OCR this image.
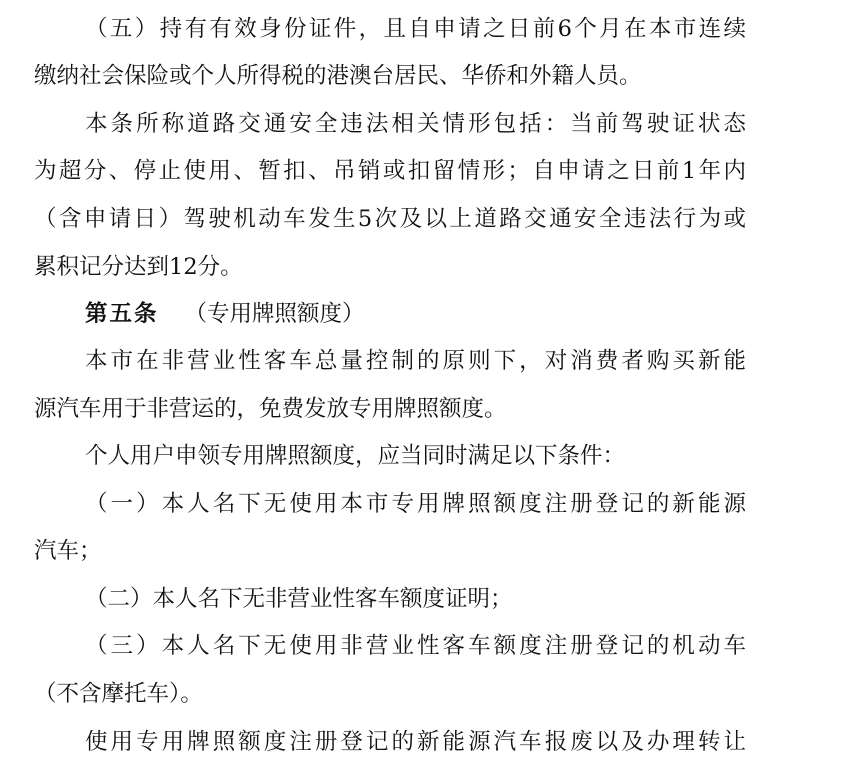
（五）持有有效身份证件，且自申请之日前6个月在本市连续
缴纳社会保险或个人所得税的港澳台居民、华侨和外籍人员。
本条所称道路交通安全违法相关情形包括：当前驾驶证状态
为超分、停止使用、暂扣、吊销或扣留情形；自申请之日前1年内
（含申请日）驾驶机动车发生5次及以上道路交通安全违法行为或
累积记分达到12分。
第五条 （专用牌照额度）
本市在非营业性客车总量控制的原则下，对消费者购买新能
源汽车用于非营运的，免费发放专用牌照额度。
个人用户申领专用牌照额度，应当同时满足以下条件：
（一）本人名下无使用本市专用牌照额度注册登记的新能源
汽车；
（二）本人名下无非营业性客车额度证明；
（三）本人名下无使用非营业性客车额度注册登记的机动车
（不含摩托车）。
使用专用牌照额度注册登记的新能源汽车报废以及办理转让
